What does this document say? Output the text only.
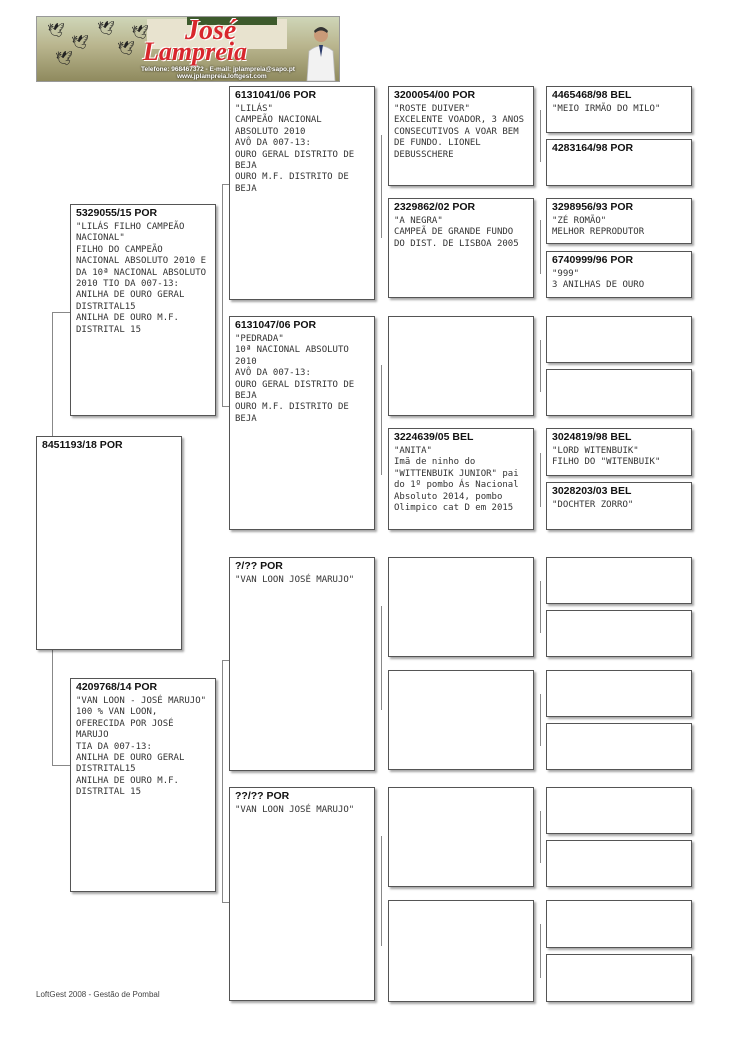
🕊
🕊
🕊
🕊
🕊
🕊 José
Lampreia
Telefone: 968467372 - E-mail: jplampreia@sapo.pt
www.jplampreia.loftgest.com
8451193/18 POR
5329055/15 POR
"LILÁS FILHO CAMPEÃO NACIONAL"
FILHO DO CAMPEÃO NACIONAL ABSOLUTO 2010 E DA 10ª NACIONAL ABSOLUTO 2010 TIO DA 007-13:
ANILHA DE OURO GERAL DISTRITAL15
ANILHA DE OURO M.F. DISTRITAL 15
4209768/14 POR
"VAN LOON - JOSÉ MARUJO"
100 % VAN LOON, OFERECIDA POR JOSÉ MARUJO
TIA DA 007-13:
ANILHA DE OURO GERAL DISTRITAL15
ANILHA DE OURO M.F. DISTRITAL 15
6131041/06 POR
"LILÁS"
CAMPEÃO NACIONAL ABSOLUTO 2010
AVÔ DA 007-13:
OURO GERAL DISTRITO DE BEJA
OURO M.F. DISTRITO DE BEJA
6131047/06 POR
"PEDRADA"
10ª NACIONAL ABSOLUTO 2010
AVÔ DA 007-13:
OURO GERAL DISTRITO DE BEJA
OURO M.F. DISTRITO DE BEJA
?/?? POR
"VAN LOON JOSÉ MARUJO"
??/?? POR
"VAN LOON JOSÉ MARUJO"
3200054/00 POR
"ROSTE DUIVER"
EXCELENTE VOADOR, 3 ANOS CONSECUTIVOS A VOAR BEM DE FUNDO. LIONEL DEBUSSCHERE
2329862/02 POR
"A NEGRA"
CAMPEÃ DE GRANDE FUNDO DO DIST. DE LISBOA 2005
3224639/05 BEL
"ANITA"
Imã de ninho do "WITTENBUIK JUNIOR" pai do 1º pombo Ás Nacional Absoluto 2014, pombo Olimpico cat D em 2015
4465468/98 BEL
"MEIO IRMÃO DO MILO"
4283164/98 POR
3298956/93 POR
"ZÉ ROMÃO"
MELHOR REPRODUTOR
6740999/96 POR
"999"
3 ANILHAS DE OURO
3024819/98 BEL
"LORD WITENBUIK"
FILHO DO "WITENBUIK"
3028203/03 BEL
"DOCHTER ZORRO"
LoftGest 2008 - Gestão de Pombal
